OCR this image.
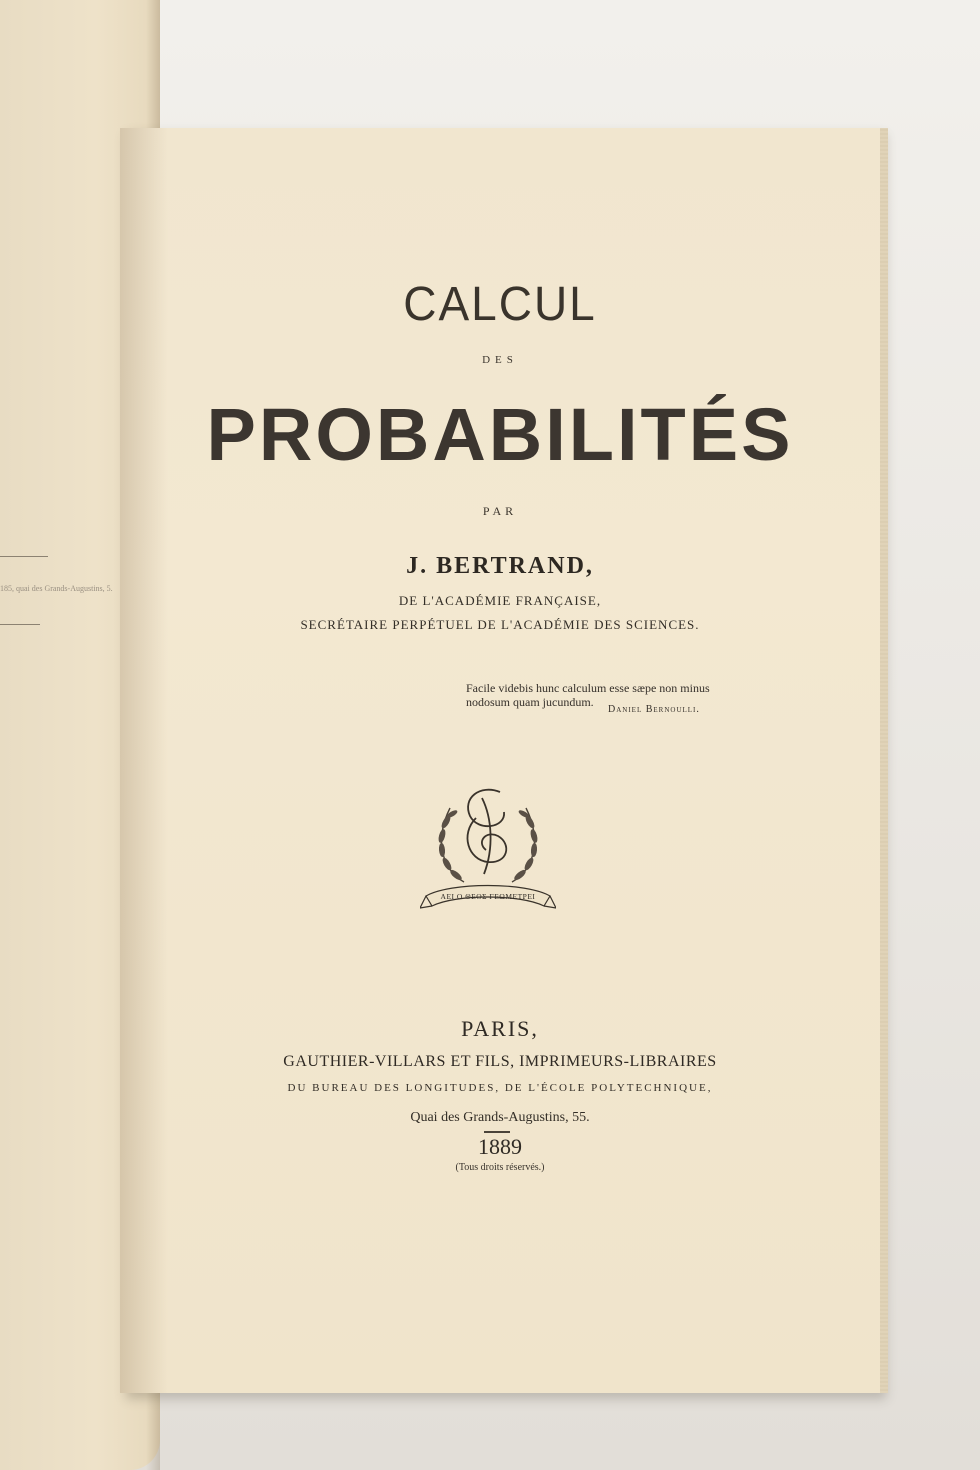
185, quai des Grands-Augustins, 5.
CALCUL
DES
PROBABILITÉS
PAR
J. BERTRAND,
DE L'ACADÉMIE FRANÇAISE,
SECRÉTAIRE PERPÉTUEL DE L'ACADÉMIE DES SCIENCES.
Facile videbis hunc calculum esse sæpe non minus
nodosum quam jucundum.
Daniel Bernoulli.
ΑΕΙ Ο ΘΕΟΣ ΓΕΩΜΕΤΡΕΙ
PARIS,
GAUTHIER-VILLARS ET FILS, IMPRIMEURS-LIBRAIRES
DU BUREAU DES LONGITUDES, DE L'ÉCOLE POLYTECHNIQUE,
Quai des Grands-Augustins, 55.
1889
(Tous droits réservés.)
